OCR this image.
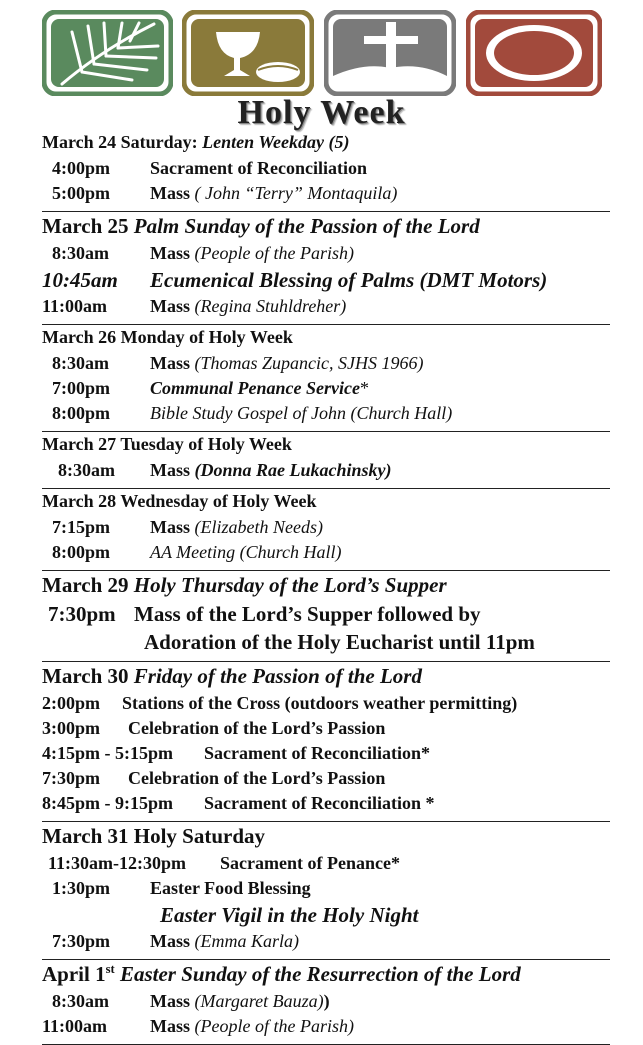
Holy Week
March 24 Saturday: Lenten Weekday (5)
4:00pm Sacrament of Reconciliation
5:00pm Mass ( John “Terry” Montaquila)
March 25 Palm Sunday of the Passion of the Lord
8:30am Mass (People of the Parish)
10:45am Ecumenical Blessing of Palms (DMT Motors)
11:00am Mass (Regina Stuhldreher)
March 26 Monday of Holy Week
8:30am Mass (Thomas Zupancic, SJHS 1966)
7:00pm Communal Penance Service*
8:00pm Bible Study Gospel of John (Church Hall)
March 27 Tuesday of Holy Week
8:30am Mass (Donna Rae Lukachinsky)
March 28 Wednesday of Holy Week
7:15pm Mass (Elizabeth Needs)
8:00pm AA Meeting (Church Hall)
March 29 Holy Thursday of the Lord’s Supper
7:30pm Mass of the Lord’s Supper followed by
Adoration of the Holy Eucharist until 11pm
March 30 Friday of the Passion of the Lord
2:00pm Stations of the Cross (outdoors weather permitting)
3:00pm Celebration of the Lord’s Passion
4:15pm - 5:15pm Sacrament of Reconciliation*
7:30pm Celebration of the Lord’s Passion
8:45pm - 9:15pm Sacrament of Reconciliation *
March 31 Holy Saturday
11:30am-12:30pm Sacrament of Penance*
1:30pm Easter Food Blessing
Easter Vigil in the Holy Night
7:30pm Mass (Emma Karla)
April 1st Easter Sunday of the Resurrection of the Lord
8:30am Mass (Margaret Bauza))
11:00am Mass (People of the Parish)
